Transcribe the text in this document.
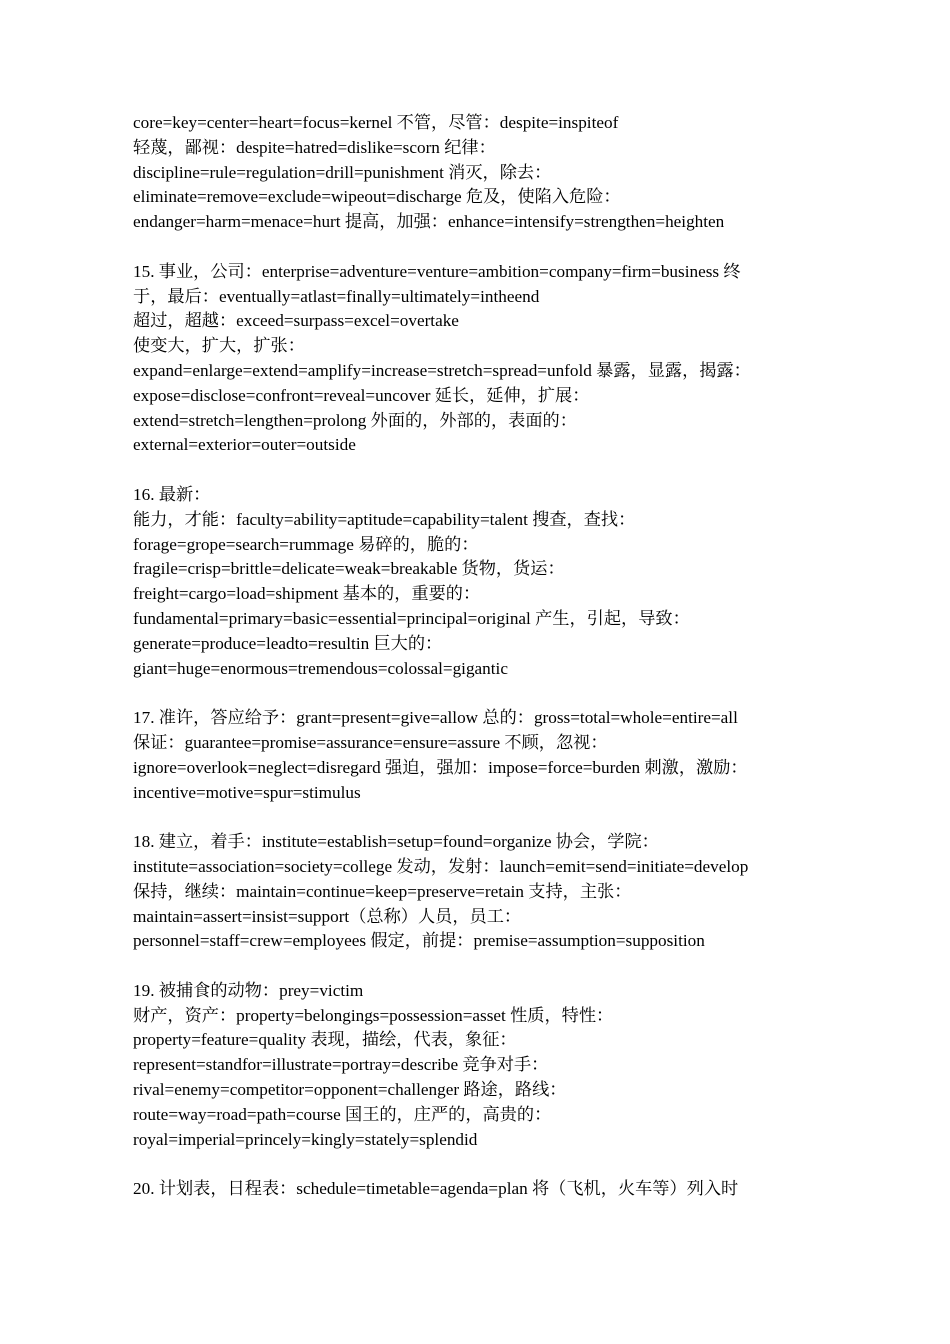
core=key=center=heart=focus=kernel 不管，尽管：despite=inspiteof
轻蔑，鄙视：despite=hatred=dislike=scorn 纪律：
discipline=rule=regulation=drill=punishment 消灭，除去：
eliminate=remove=exclude=wipeout=discharge 危及，使陷入危险：
endanger=harm=menace=hurt 提高，加强：enhance=intensify=strengthen=heighten
15. 事业，公司：enterprise=adventure=venture=ambition=company=firm=business 终
于，最后：eventually=atlast=finally=ultimately=intheend
超过，超越：exceed=surpass=excel=overtake
使变大，扩大，扩张：
expand=enlarge=extend=amplify=increase=stretch=spread=unfold 暴露，显露，揭露：
expose=disclose=confront=reveal=uncover 延长，延伸，扩展：
extend=stretch=lengthen=prolong 外面的，外部的，表面的：
external=exterior=outer=outside
16. 最新：
能力，才能：faculty=ability=aptitude=capability=talent 搜查，查找：
forage=grope=search=rummage 易碎的，脆的：
fragile=crisp=brittle=delicate=weak=breakable 货物，货运：
freight=cargo=load=shipment 基本的，重要的：
fundamental=primary=basic=essential=principal=original 产生，引起，导致：
generate=produce=leadto=resultin 巨大的：
giant=huge=enormous=tremendous=colossal=gigantic
17. 准许，答应给予：grant=present=give=allow 总的：gross=total=whole=entire=all
保证：guarantee=promise=assurance=ensure=assure 不顾，忽视：
ignore=overlook=neglect=disregard 强迫，强加：impose=force=burden 刺激，激励：
incentive=motive=spur=stimulus
18. 建立，着手：institute=establish=setup=found=organize 协会，学院：
institute=association=society=college 发动，发射：launch=emit=send=initiate=develop
保持，继续：maintain=continue=keep=preserve=retain 支持，主张：
maintain=assert=insist=support（总称）人员，员工：
personnel=staff=crew=employees 假定，前提：premise=assumption=supposition
19. 被捕食的动物：prey=victim
财产，资产：property=belongings=possession=asset 性质，特性：
property=feature=quality 表现，描绘，代表，象征：
represent=standfor=illustrate=portray=describe 竞争对手：
rival=enemy=competitor=opponent=challenger 路途，路线：
route=way=road=path=course 国王的，庄严的，高贵的：
royal=imperial=princely=kingly=stately=splendid
20. 计划表，日程表：schedule=timetable=agenda=plan 将（飞机，火车等）列入时
